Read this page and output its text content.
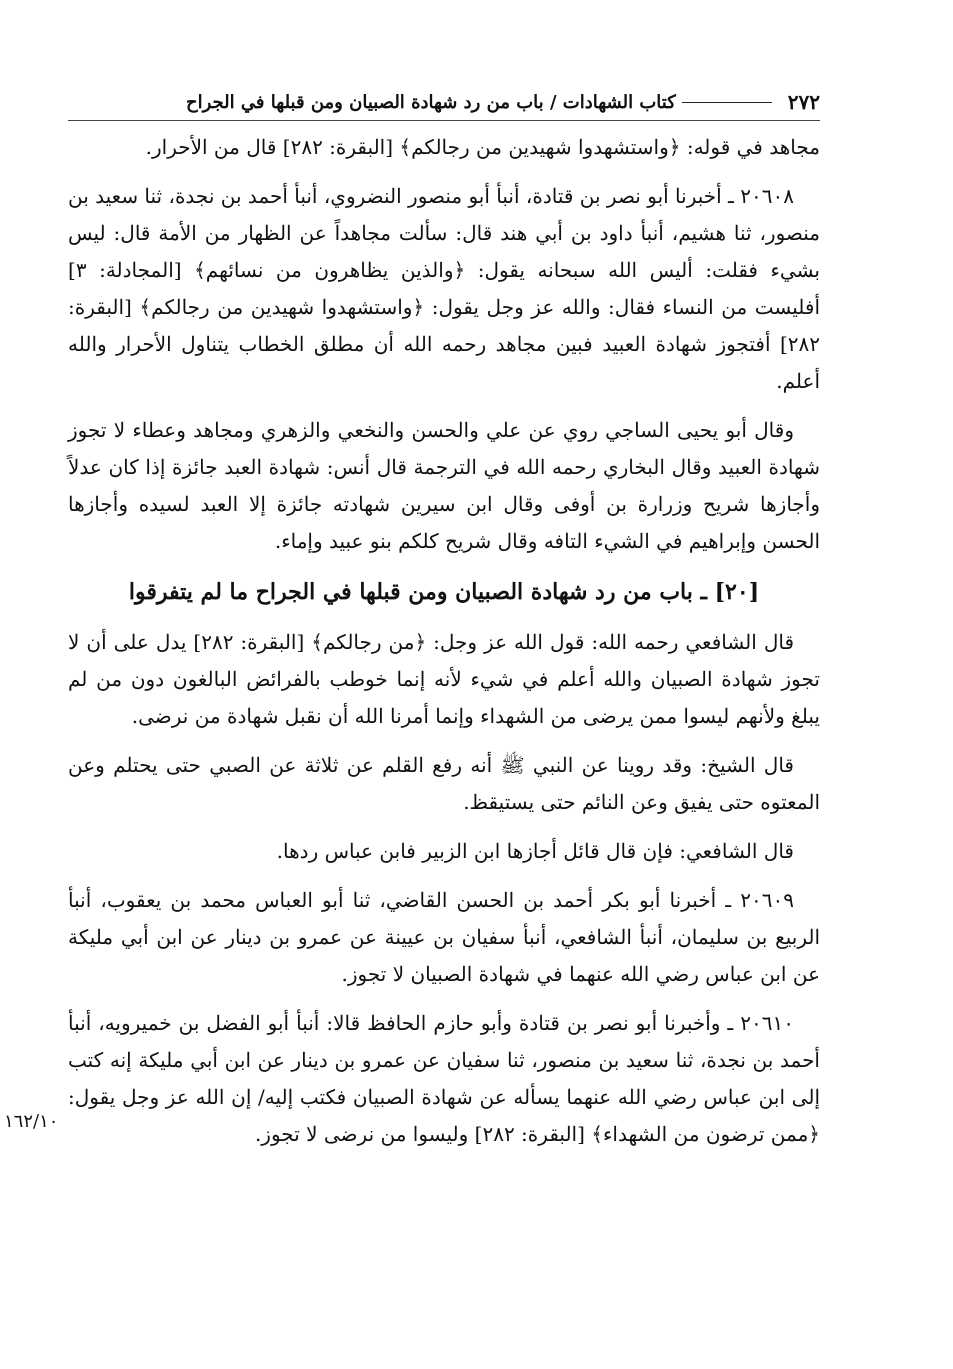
٢٧٢
كتاب الشهادات / باب من رد شهادة الصبيان ومن قبلها في الجراح

مجاهد في قوله: ﴿واستشهدوا شهيدين من رجالكم﴾ [البقرة: ٢٨٢] قال من الأحرار.

٢٠٦٠٨ ـ أخبرنا أبو نصر بن قتادة، أنبأ أبو منصور النضروي، أنبأ أحمد بن نجدة، ثنا سعيد بن منصور، ثنا هشيم، أنبأ داود بن أبي هند قال: سألت مجاهداً عن الظهار من الأمة قال: ليس بشيء فقلت: أليس الله سبحانه يقول: ﴿والذين يظاهرون من نسائهم﴾ [المجادلة: ٣] أفليست من النساء فقال: والله عز وجل يقول: ﴿واستشهدوا شهيدين من رجالكم﴾ [البقرة: ٢٨٢] أفتجوز شهادة العبيد فبين مجاهد رحمه الله أن مطلق الخطاب يتناول الأحرار والله أعلم.

وقال أبو يحيى الساجي روي عن علي والحسن والنخعي والزهري ومجاهد وعطاء لا تجوز شهادة العبيد وقال البخاري رحمه الله في الترجمة قال أنس: شهادة العبد جائزة إذا كان عدلاً وأجازها شريح وزرارة بن أوفى وقال ابن سيرين شهادته جائزة إلا العبد لسيده وأجازها الحسن وإبراهيم في الشيء التافه وقال شريح كلكم بنو عبيد وإماء.

[٢٠] ـ باب من رد شهادة الصبيان ومن قبلها في الجراح ما لم يتفرقوا

قال الشافعي رحمه الله: قول الله عز وجل: ﴿من رجالكم﴾ [البقرة: ٢٨٢] يدل على أن لا تجوز شهادة الصبيان والله أعلم في شيء لأنه إنما خوطب بالفرائض البالغون دون من لم يبلغ ولأنهم ليسوا ممن يرضى من الشهداء وإنما أمرنا الله أن نقبل شهادة من نرضى.

قال الشيخ: وقد روينا عن النبي ﷺ أنه رفع القلم عن ثلاثة عن الصبي حتى يحتلم وعن المعتوه حتى يفيق وعن النائم حتى يستيقظ.

قال الشافعي: فإن قال قائل أجازها ابن الزبير فابن عباس ردها.

٢٠٦٠٩ ـ أخبرنا أبو بكر أحمد بن الحسن القاضي، ثنا أبو العباس محمد بن يعقوب، أنبأ الربيع بن سليمان، أنبأ الشافعي، أنبأ سفيان بن عيينة عن عمرو بن دينار عن ابن أبي مليكة عن ابن عباس رضي الله عنهما في شهادة الصبيان لا تجوز.

٢٠٦١٠ ـ وأخبرنا أبو نصر بن قتادة وأبو حازم الحافظ قالا: أنبأ أبو الفضل بن خميرويه، أنبأ أحمد بن نجدة، ثنا سعيد بن منصور، ثنا سفيان عن عمرو بن دينار عن ابن أبي مليكة إنه كتب إلى ابن عباس رضي الله عنهما يسأله عن شهادة الصبيان فكتب إليه/ إن الله عز وجل يقول: ﴿ممن ترضون من الشهداء﴾ [البقرة: ٢٨٢] وليسوا من نرضى لا تجوز.

١٦٢/١٠
